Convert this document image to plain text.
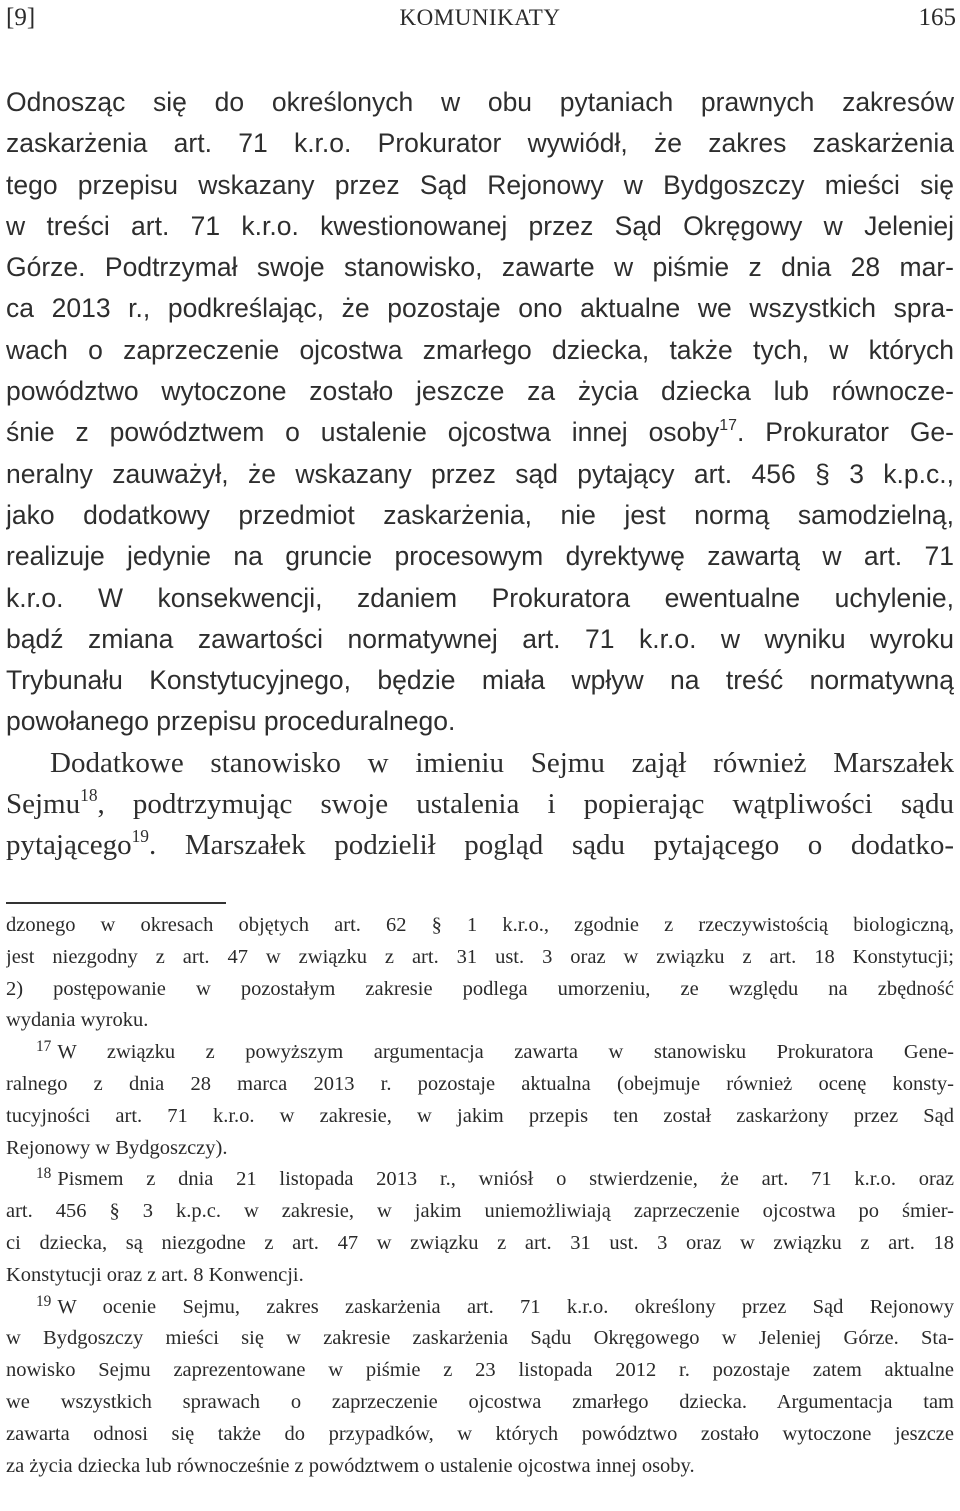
[9]	KOMUNIKATY	165

Odnosząc się do określonych w obu pytaniach prawnych zakresów
zaskarżenia art. 71 k.r.o. Prokurator wywiódł, że zakres zaskarżenia
tego przepisu wskazany przez Sąd Rejonowy w Bydgoszczy mieści się
w treści art. 71 k.r.o. kwestionowanej przez Sąd Okręgowy w Jeleniej
Górze. Podtrzymał swoje stanowisko, zawarte w piśmie z dnia 28 mar-
ca 2013 r., podkreślając, że pozostaje ono aktualne we wszystkich spra-
wach o zaprzeczenie ojcostwa zmarłego dziecka, także tych, w których
powództwo wytoczone zostało jeszcze za życia dziecka lub równocze-
śnie z powództwem o ustalenie ojcostwa innej osoby$^{17}$. Prokurator Ge-
neralny zauważył, że wskazany przez sąd pytający art. 456 § 3 k.p.c.,
jako dodatkowy przedmiot zaskarżenia, nie jest normą samodzielną,
realizuje jedynie na gruncie procesowym dyrektywę zawartą w art. 71
k.r.o. W konsekwencji, zdaniem Prokuratora ewentualne uchylenie,
bądź zmiana zawartości normatywnej art. 71 k.r.o. w wyniku wyroku
Trybunału Konstytucyjnego, będzie miała wpływ na treść normatywną
powołanego przepisu proceduralnego.

Dodatkowe stanowisko w imieniu Sejmu zajął również Marszałek
Sejmu$^{18}$, podtrzymując swoje ustalenia i popierając wątpliwości sądu
pytającego$^{19}$. Marszałek podzielił pogląd sądu pytającego o dodatko-

dzonego w okresach objętych art. 62 § 1 k.r.o., zgodnie z rzeczywistością biologiczną,
jest niezgodny z art. 47 w związku z art. 31 ust. 3 oraz w związku z art. 18 Konstytucji;
2) postępowanie w pozostałym zakresie podlega umorzeniu, ze względu na zbędność
wydania wyroku.

$^{17}$ W związku z powyższym argumentacja zawarta w stanowisku Prokuratora Gene-
ralnego z dnia 28 marca 2013 r. pozostaje aktualna (obejmuje również ocenę konsty-
tucyjności art. 71 k.r.o. w zakresie, w jakim przepis ten został zaskarżony przez Sąd
Rejonowy w Bydgoszczy).

$^{18}$ Pismem z dnia 21 listopada 2013 r., wniósł o stwierdzenie, że art. 71 k.r.o. oraz
art. 456 § 3 k.p.c. w zakresie, w jakim uniemożliwiają zaprzeczenie ojcostwa po śmier-
ci dziecka, są niezgodne z art. 47 w związku z art. 31 ust. 3 oraz w związku z art. 18
Konstytucji oraz z art. 8 Konwencji.

$^{19}$ W ocenie Sejmu, zakres zaskarżenia art. 71 k.r.o. określony przez Sąd Rejonowy
w Bydgoszczy mieści się w zakresie zaskarżenia Sądu Okręgowego w Jeleniej Górze. Sta-
nowisko Sejmu zaprezentowane w piśmie z 23 listopada 2012 r. pozostaje zatem aktualne
we wszystkich sprawach o zaprzeczenie ojcostwa zmarłego dziecka. Argumentacja tam
zawarta odnosi się także do przypadków, w których powództwo zostało wytoczone jeszcze
za życia dziecka lub równocześnie z powództwem o ustalenie ojcostwa innej osoby.
